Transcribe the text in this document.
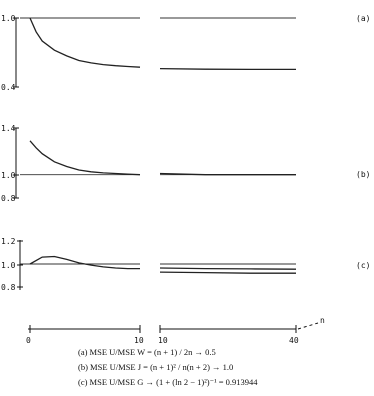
1.0
0.4
(a)
1.4
1.0
0.8
(b)
1.2
1.0
0.8
(c)
0	10 10	40
n
(a) MSE U/MSE W = (n + 1) / 2n → 0.5
(b) MSE U/MSE J = (n + 1)² / n(n + 2) → 1.0
(c) MSE U/MSE G → (1 + (ln 2 − 1)²)⁻¹ = 0.913944
